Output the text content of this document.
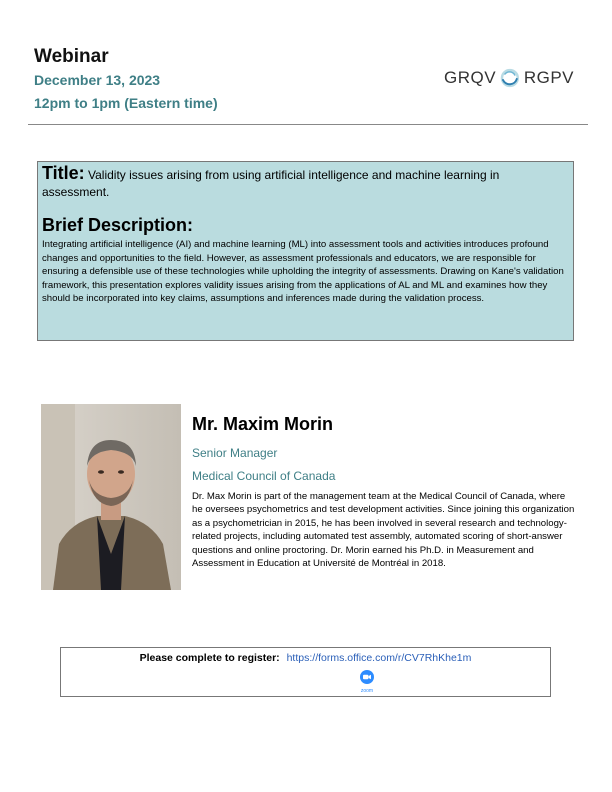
Webinar
December 13, 2023
12pm to 1pm (Eastern time)
GRQV RGPV
Title: Validity issues arising from using artificial intelligence and machine learning in assessment.
Brief Description:
Integrating artificial intelligence (AI) and machine learning (ML) into assessment tools and activities introduces profound changes and opportunities to the field. However, as assessment professionals and educators, we are responsible for ensuring a defensible use of these technologies while upholding the integrity of assessments. Drawing on Kane's validation framework, this presentation explores validity issues arising from the applications of AL and ML and examines how they should be incorporated into key claims, assumptions and inferences made during the validation process.
Mr. Maxim Morin
Senior Manager
Medical Council of Canada
Dr. Max Morin is part of the management team at the Medical Council of Canada, where he oversees psychometrics and test development activities. Since joining this organization as a psychometrician in 2015, he has been involved in several research and technology-related projects, including automated test assembly, automated scoring of short-answer questions and online proctoring. Dr. Morin earned his Ph.D. in Measurement and Assessment in Education at Université de Montréal in 2018.
Please complete to register: https://forms.office.com/r/CV7RhKhe1m
zoom
